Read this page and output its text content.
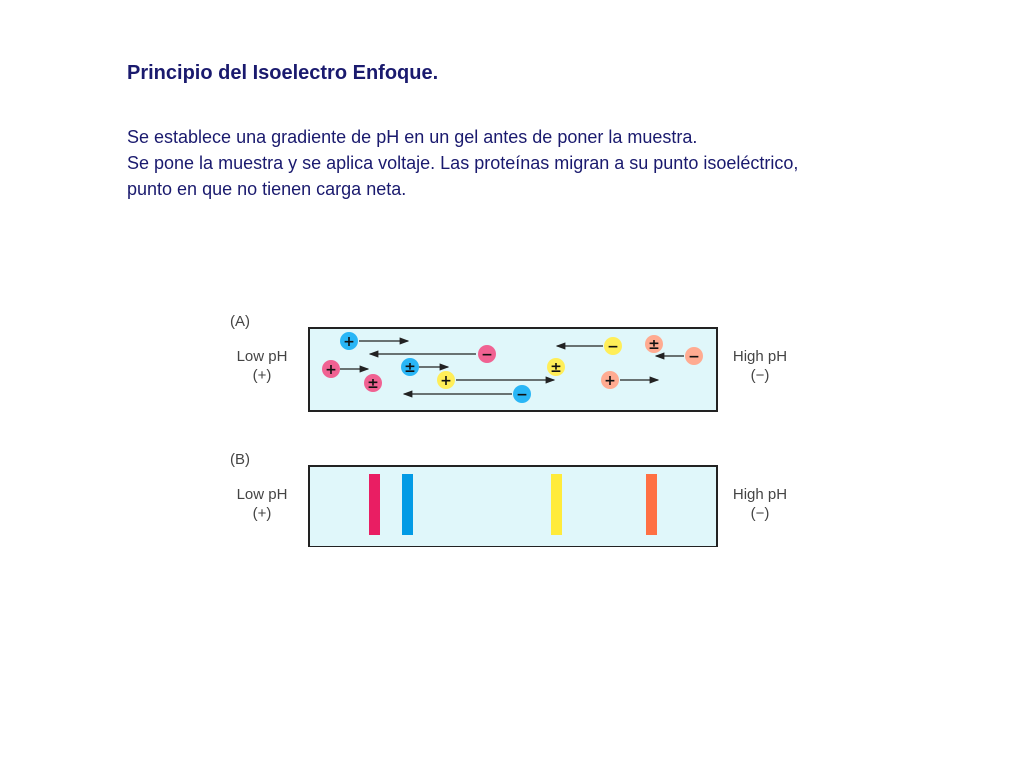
Principio del Isoelectro Enfoque.
Se establece una gradiente de pH en un gel antes de poner la muestra.
Se pone la muestra y se aplica voltaje. Las proteínas migran a su punto isoeléctrico,
punto en que no tienen carga neta.
(A)
Low pH
(+)
High pH
(−)
(B)
Low pH
(+)
High pH
(−)
+
−
+	±
±	+
−
±
− ±
−
+
